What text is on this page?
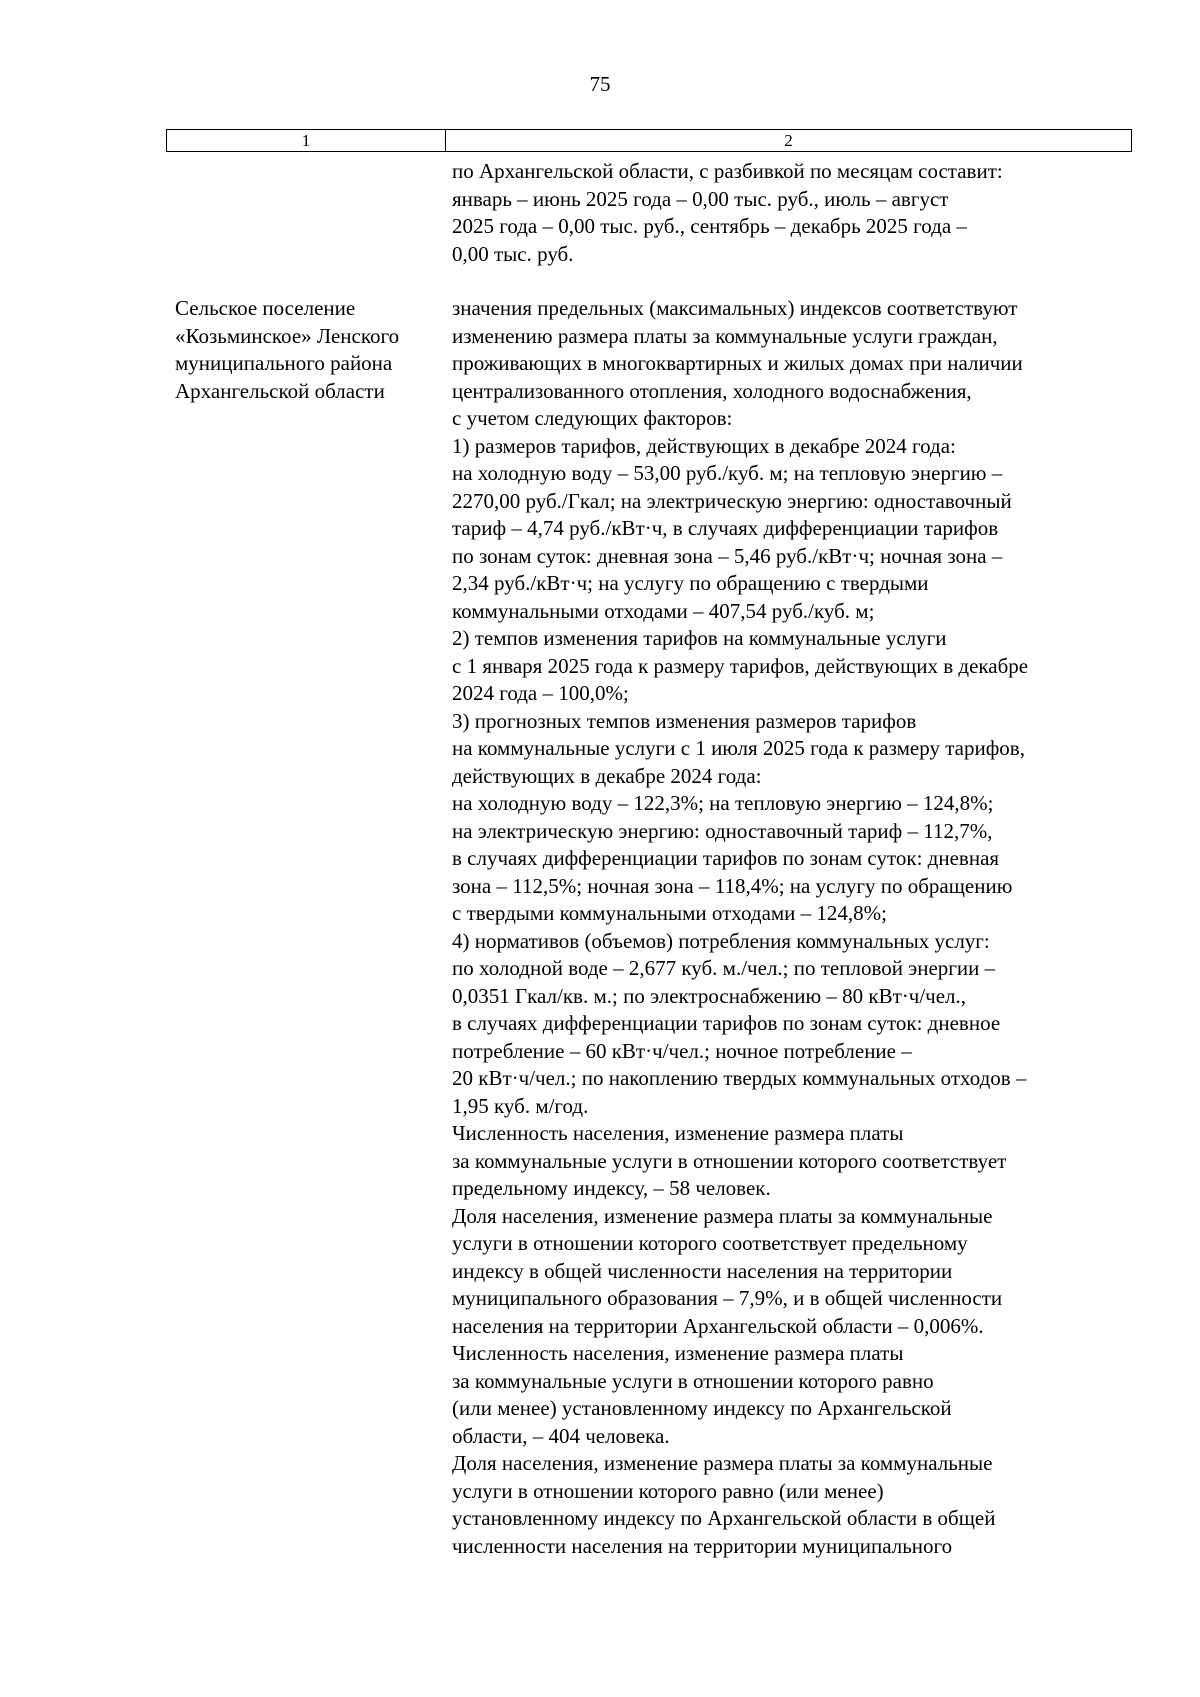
75
1	2
по Архангельской области, с разбивкой по месяцам составит:
январь – июнь 2025 года – 0,00 тыс. руб., июль – август
2025 года – 0,00 тыс. руб., сентябрь – декабрь 2025 года –
0,00 тыс. руб.
Сельское поселение
«Козьминское» Ленского
муниципального района
Архангельской области
значения предельных (максимальных) индексов соответствуют
изменению размера платы за коммунальные услуги граждан,
проживающих в многоквартирных и жилых домах при наличии
централизованного отопления, холодного водоснабжения,
с учетом следующих факторов:
1) размеров тарифов, действующих в декабре 2024 года:
на холодную воду – 53,00 руб./куб. м; на тепловую энергию –
2270,00 руб./Гкал; на электрическую энергию: одноставочный
тариф – 4,74 руб./кВт·ч, в случаях дифференциации тарифов
по зонам суток: дневная зона – 5,46 руб./кВт·ч; ночная зона –
2,34 руб./кВт·ч; на услугу по обращению с твердыми
коммунальными отходами – 407,54 руб./куб. м;
2) темпов изменения тарифов на коммунальные услуги
с 1 января 2025 года к размеру тарифов, действующих в декабре
2024 года – 100,0%;
3) прогнозных темпов изменения размеров тарифов
на коммунальные услуги с 1 июля 2025 года к размеру тарифов,
действующих в декабре 2024 года:
на холодную воду – 122,3%; на тепловую энергию – 124,8%;
на электрическую энергию: одноставочный тариф – 112,7%,
в случаях дифференциации тарифов по зонам суток: дневная
зона – 112,5%; ночная зона – 118,4%; на услугу по обращению
с твердыми коммунальными отходами – 124,8%;
4) нормативов (объемов) потребления коммунальных услуг:
по холодной воде – 2,677 куб. м./чел.; по тепловой энергии –
0,0351 Гкал/кв. м.; по электроснабжению – 80 кВт·ч/чел.,
в случаях дифференциации тарифов по зонам суток: дневное
потребление – 60 кВт·ч/чел.; ночное потребление –
20 кВт·ч/чел.; по накоплению твердых коммунальных отходов –
1,95 куб. м/год.
Численность населения, изменение размера платы
за коммунальные услуги в отношении которого соответствует
предельному индексу, – 58 человек.
Доля населения, изменение размера платы за коммунальные
услуги в отношении которого соответствует предельному
индексу в общей численности населения на территории
муниципального образования – 7,9%, и в общей численности
населения на территории Архангельской области – 0,006%.
Численность населения, изменение размера платы
за коммунальные услуги в отношении которого равно
(или менее) установленному индексу по Архангельской
области, – 404 человека.
Доля населения, изменение размера платы за коммунальные
услуги в отношении которого равно (или менее)
установленному индексу по Архангельской области в общей
численности населения на территории муниципального
